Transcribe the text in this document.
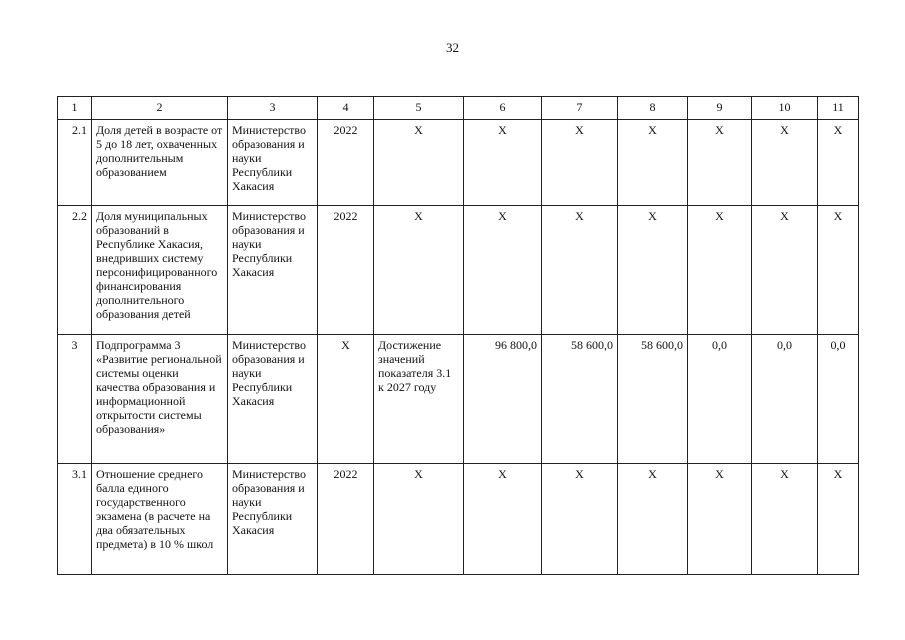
32
1	2	3	4	5	6	7	8	9	10	11
2.1	Доля детей в возрасте от 5 до 18 лет, охваченных дополнительным образованием	Министерство образования и науки Республики Хакасия	2022	X	X	X	X	X	X	X
2.2	Доля муниципальных образований в Республике Хакасия, внедривших систему персонифицированного финансирования дополнительного образования детей	Министерство образования и науки Республики Хакасия	2022	X	X	X	X	X	X	X
3	Подпрограмма 3 «Развитие региональной системы оценки качества образования и информационной открытости системы образования»	Министерство образования и науки Республики Хакасия	X	Достижение значений показателя 3.1 к 2027 году	96 800,0	58 600,0	58 600,0	0,0	0,0	0,0
3.1	Отношение среднего балла единого государственного экзамена (в расчете на два обязательных предмета) в 10 % школ	Министерство образования и науки Республики Хакасия	2022	X	X	X	X	X	X	X
